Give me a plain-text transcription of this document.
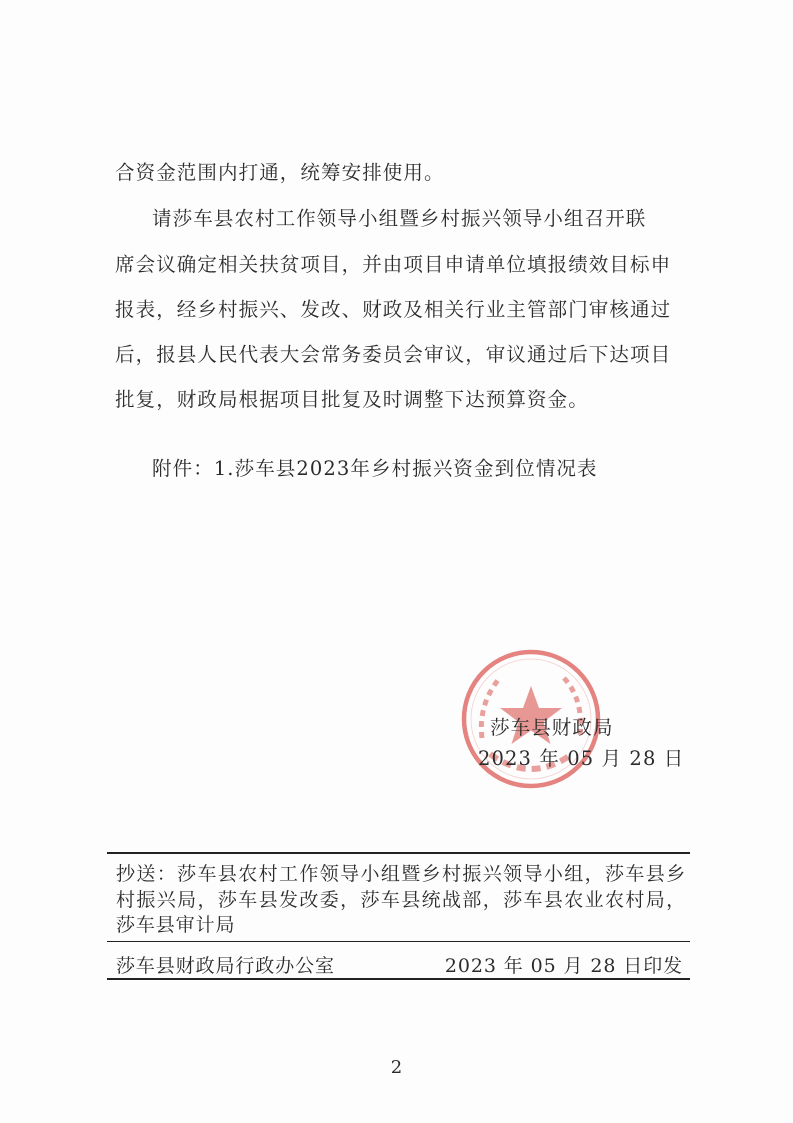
合资金范围内打通，统筹安排使用。
请莎车县农村工作领导小组暨乡村振兴领导小组召开联
席会议确定相关扶贫项目，并由项目申请单位填报绩效目标申
报表，经乡村振兴、发改、财政及相关行业主管部门审核通过
后，报县人民代表大会常务委员会审议，审议通过后下达项目
批复，财政局根据项目批复及时调整下达预算资金。
附件：1.莎车县2023年乡村振兴资金到位情况表
莎车县财政局
2023 年 05 月 28 日
抄送：莎车县农村工作领导小组暨乡村振兴领导小组，莎车县乡村振兴局，莎车县发改委，莎车县统战部，莎车县农业农村局，莎车县审计局
莎车县财政局行政办公室	2023 年 05 月 28 日印发
2
